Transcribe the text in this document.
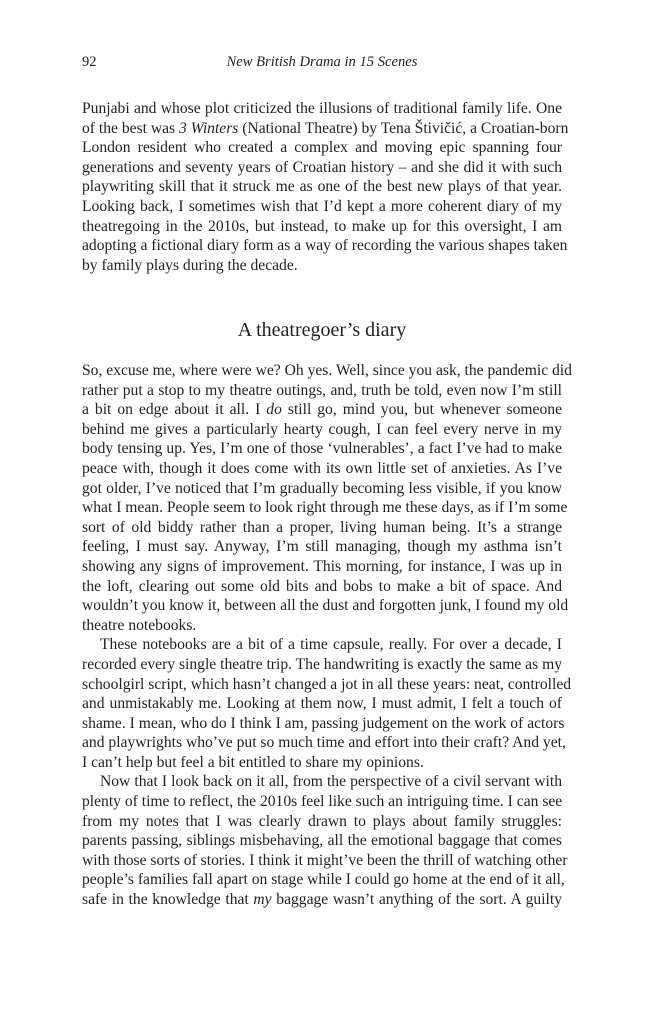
92	New British Drama in 15 Scenes
Punjabi and whose plot criticized the illusions of traditional family life. One
of the best was 3 Winters (National Theatre) by Tena Štivičić, a Croatian-born
London resident who created a complex and moving epic spanning four
generations and seventy years of Croatian history – and she did it with such
playwriting skill that it struck me as one of the best new plays of that year.
Looking back, I sometimes wish that I’d kept a more coherent diary of my
theatregoing in the 2010s, but instead, to make up for this oversight, I am
adopting a fictional diary form as a way of recording the various shapes taken
by family plays during the decade.
A theatregoer’s diary
So, excuse me, where were we? Oh yes. Well, since you ask, the pandemic did
rather put a stop to my theatre outings, and, truth be told, even now I’m still
a bit on edge about it all. I do still go, mind you, but whenever someone
behind me gives a particularly hearty cough, I can feel every nerve in my
body tensing up. Yes, I’m one of those ‘vulnerables’, a fact I’ve had to make
peace with, though it does come with its own little set of anxieties. As I’ve
got older, I’ve noticed that I’m gradually becoming less visible, if you know
what I mean. People seem to look right through me these days, as if I’m some
sort of old biddy rather than a proper, living human being. It’s a strange
feeling, I must say. Anyway, I’m still managing, though my asthma isn’t
showing any signs of improvement. This morning, for instance, I was up in
the loft, clearing out some old bits and bobs to make a bit of space. And
wouldn’t you know it, between all the dust and forgotten junk, I found my old
theatre notebooks.
These notebooks are a bit of a time capsule, really. For over a decade, I
recorded every single theatre trip. The handwriting is exactly the same as my
schoolgirl script, which hasn’t changed a jot in all these years: neat, controlled
and unmistakably me. Looking at them now, I must admit, I felt a touch of
shame. I mean, who do I think I am, passing judgement on the work of actors
and playwrights who’ve put so much time and effort into their craft? And yet,
I can’t help but feel a bit entitled to share my opinions.
Now that I look back on it all, from the perspective of a civil servant with
plenty of time to reflect, the 2010s feel like such an intriguing time. I can see
from my notes that I was clearly drawn to plays about family struggles:
parents passing, siblings misbehaving, all the emotional baggage that comes
with those sorts of stories. I think it might’ve been the thrill of watching other
people’s families fall apart on stage while I could go home at the end of it all,
safe in the knowledge that my baggage wasn’t anything of the sort. A guilty
